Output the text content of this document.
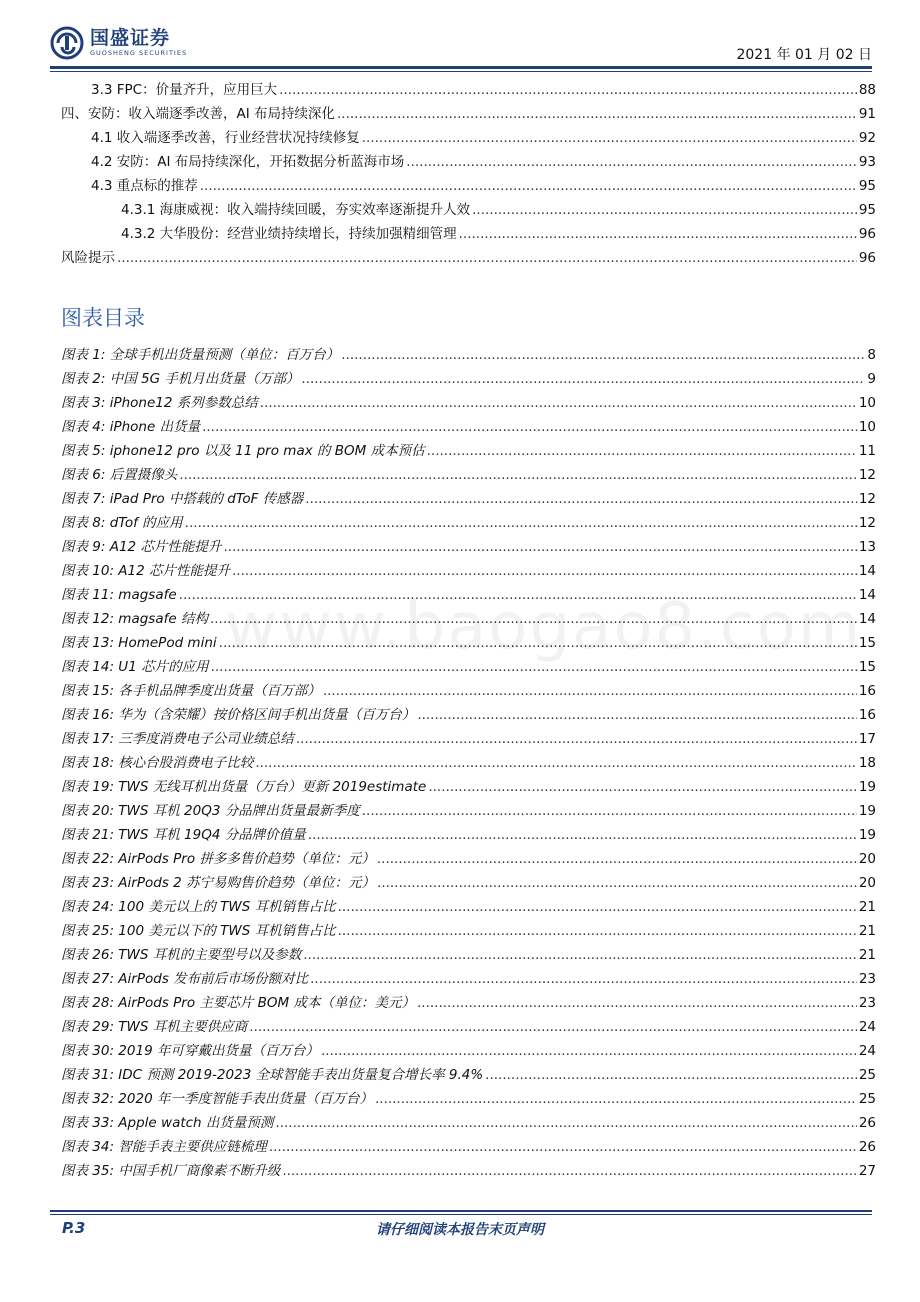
国盛证券
GUOSHENG SECURITIES	2021 年 01 月 02 日
3.3 FPC：价量齐升，应用巨大 .....	88
四、安防：收入端逐季改善，AI 布局持续深化 .....	91
4.1 收入端逐季改善，行业经营状况持续修复 .....	92
4.2 安防：AI 布局持续深化，开拓数据分析蓝海市场 .....	93
4.3 重点标的推荐 .....	95
4.3.1 海康威视：收入端持续回暖，夯实效率逐渐提升人效 .....	95
4.3.2 大华股份：经营业绩持续增长，持续加强精细管理 .....	96
风险提示 .....	96
图表目录
图表 1: 全球手机出货量预测（单位：百万台） .....	8
图表 2: 中国 5G 手机月出货量（万部） .....	9
图表 3: iPhone12 系列参数总结 .....	10
图表 4: iPhone 出货量 .....	10
图表 5: iphone12 pro 以及 11 pro max 的 BOM 成本预估 .....	11
图表 6: 后置摄像头 .....	12
图表 7: iPad Pro 中搭载的 dToF 传感器 .....	12
图表 8: dTof 的应用 .....	12
图表 9: A12 芯片性能提升 .....	13
图表 10: A12 芯片性能提升 .....	14
图表 11: magsafe .....	14
图表 12: magsafe 结构 .....	14
图表 13: HomePod mini .....	15
图表 14: U1 芯片的应用 .....	15
图表 15: 各手机品牌季度出货量（百万部） .....	16
图表 16: 华为（含荣耀）按价格区间手机出货量（百万台） .....	16
图表 17: 三季度消费电子公司业绩总结 .....	17
图表 18: 核心台股消费电子比较 .....	18
图表 19: TWS 无线耳机出货量（万台）更新 2019estimate .....	19
图表 20: TWS 耳机 20Q3 分品牌出货量最新季度 .....	19
图表 21: TWS 耳机 19Q4 分品牌价值量 .....	19
图表 22: AirPods Pro 拼多多售价趋势（单位：元） .....	20
图表 23: AirPods 2 苏宁易购售价趋势（单位：元） .....	20
图表 24: 100 美元以上的 TWS 耳机销售占比 .....	21
图表 25: 100 美元以下的 TWS 耳机销售占比 .....	21
图表 26: TWS 耳机的主要型号以及参数 .....	21
图表 27: AirPods 发布前后市场份额对比 .....	23
图表 28: AirPods Pro 主要芯片 BOM 成本（单位：美元） .....	23
图表 29: TWS 耳机主要供应商 .....	24
图表 30: 2019 年可穿戴出货量（百万台） .....	24
图表 31: IDC 预测 2019-2023 全球智能手表出货量复合增长率 9.4% .....	25
图表 32: 2020 年一季度智能手表出货量（百万台） .....	25
图表 33: Apple watch 出货量预测 .....	26
图表 34: 智能手表主要供应链梳理 .....	26
图表 35: 中国手机厂商像素不断升级 .....	27
www.baogao8.com
P.3	请仔细阅读本报告末页声明
